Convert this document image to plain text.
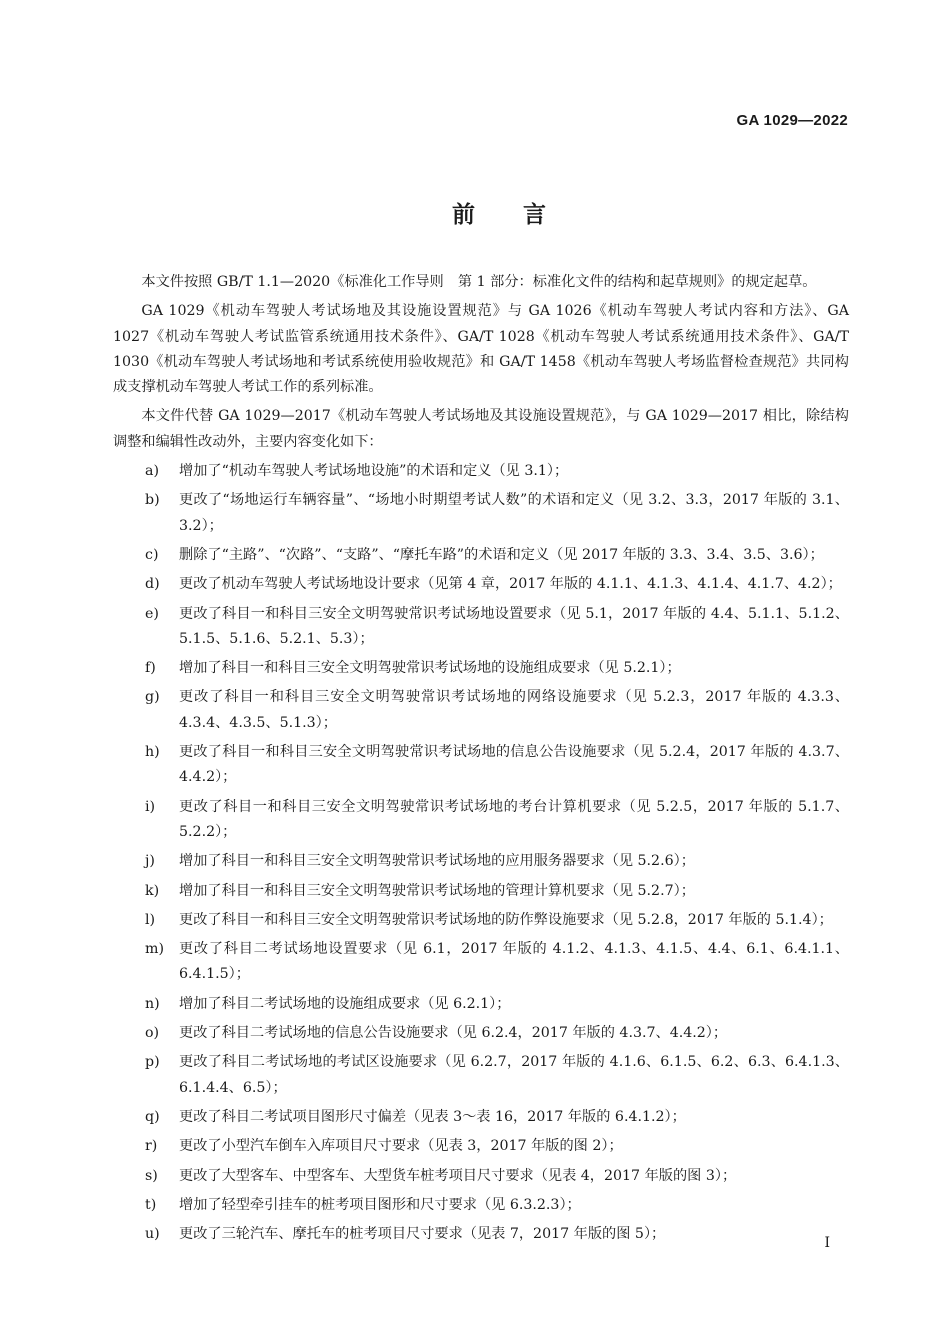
GA 1029—2022
前言

本文件按照 GB/T 1.1—2020《标准化工作导则　第 1 部分：标准化文件的结构和起草规则》的规定起草。

GA 1029《机动车驾驶人考试场地及其设施设置规范》与 GA 1026《机动车驾驶人考试内容和方法》、GA 1027《机动车驾驶人考试监管系统通用技术条件》、GA/T 1028《机动车驾驶人考试系统通用技术条件》、GA/T 1030《机动车驾驶人考试场地和考试系统使用验收规范》和 GA/T 1458《机动车驾驶人考场监督检查规范》共同构成支撑机动车驾驶人考试工作的系列标准。

本文件代替 GA 1029—2017《机动车驾驶人考试场地及其设施设置规范》，与 GA 1029—2017 相比，除结构调整和编辑性改动外，主要内容变化如下：

a)	增加了“机动车驾驶人考试场地设施”的术语和定义（见 3.1）；
b)	更改了“场地运行车辆容量”、“场地小时期望考试人数”的术语和定义（见 3.2、3.3，2017 年版的 3.1、3.2）；
c)	删除了“主路”、“次路”、“支路”、“摩托车路”的术语和定义（见 2017 年版的 3.3、3.4、3.5、3.6）；
d)	更改了机动车驾驶人考试场地设计要求（见第 4 章，2017 年版的 4.1.1、4.1.3、4.1.4、4.1.7、4.2）；
e)	更改了科目一和科目三安全文明驾驶常识考试场地设置要求（见 5.1，2017 年版的 4.4、5.1.1、5.1.2、5.1.5、5.1.6、5.2.1、5.3）；
f)	增加了科目一和科目三安全文明驾驶常识考试场地的设施组成要求（见 5.2.1）；
g)	更改了科目一和科目三安全文明驾驶常识考试场地的网络设施要求（见 5.2.3，2017 年版的 4.3.3、4.3.4、4.3.5、5.1.3）；
h)	更改了科目一和科目三安全文明驾驶常识考试场地的信息公告设施要求（见 5.2.4，2017 年版的 4.3.7、4.4.2）；
i)	更改了科目一和科目三安全文明驾驶常识考试场地的考台计算机要求（见 5.2.5，2017 年版的 5.1.7、5.2.2）；
j)	增加了科目一和科目三安全文明驾驶常识考试场地的应用服务器要求（见 5.2.6）；
k)	增加了科目一和科目三安全文明驾驶常识考试场地的管理计算机要求（见 5.2.7）；
l)	更改了科目一和科目三安全文明驾驶常识考试场地的防作弊设施要求（见 5.2.8，2017 年版的 5.1.4）；
m)	更改了科目二考试场地设置要求（见 6.1，2017 年版的 4.1.2、4.1.3、4.1.5、4.4、6.1、6.4.1.1、6.4.1.5）；
n)	增加了科目二考试场地的设施组成要求（见 6.2.1）；
o)	更改了科目二考试场地的信息公告设施要求（见 6.2.4，2017 年版的 4.3.7、4.4.2）；
p)	更改了科目二考试场地的考试区设施要求（见 6.2.7，2017 年版的 4.1.6、6.1.5、6.2、6.3、6.4.1.3、6.1.4.4、6.5）；
q)	更改了科目二考试项目图形尺寸偏差（见表 3～表 16，2017 年版的 6.4.1.2）；
r)	更改了小型汽车倒车入库项目尺寸要求（见表 3，2017 年版的图 2）；
s)	更改了大型客车、中型客车、大型货车桩考项目尺寸要求（见表 4，2017 年版的图 3）；
t)	增加了轻型牵引挂车的桩考项目图形和尺寸要求（见 6.3.2.3）；
u)	更改了三轮汽车、摩托车的桩考项目尺寸要求（见表 7，2017 年版的图 5）；
I
